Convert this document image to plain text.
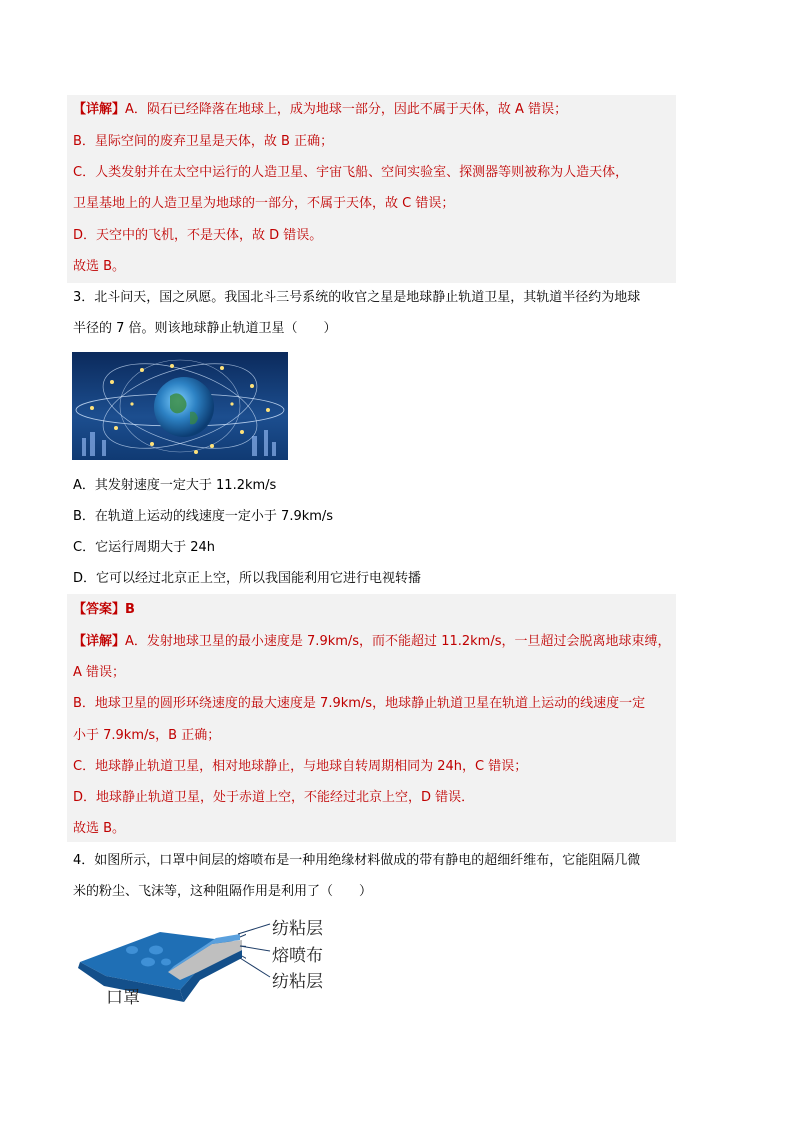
【详解】A．陨石已经降落在地球上，成为地球一部分，因此不属于天体，故 A 错误；
B．星际空间的废弃卫星是天体，故 B 正确；
C．人类发射并在太空中运行的人造卫星、宇宙飞船、空间实验室、探测器等则被称为人造天体，
卫星基地上的人造卫星为地球的一部分，不属于天体，故 C 错误；
D．天空中的飞机，不是天体，故 D 错误。
故选 B。
3．北斗问天，国之夙愿。我国北斗三号系统的收官之星是地球静止轨道卫星，其轨道半径约为地球
半径的 7 倍。则该地球静止轨道卫星（　　）
A．其发射速度一定大于 11.2km/s
B．在轨道上运动的线速度一定小于 7.9km/s
C．它运行周期大于 24h
D．它可以经过北京正上空，所以我国能利用它进行电视转播
【答案】B
【详解】A．发射地球卫星的最小速度是 7.9km/s，而不能超过 11.2km/s，一旦超过会脱离地球束缚，
A 错误；
B．地球卫星的圆形环绕速度的最大速度是 7.9km/s，地球静止轨道卫星在轨道上运动的线速度一定
小于 7.9km/s，B 正确；
C．地球静止轨道卫星，相对地球静止，与地球自转周期相同为 24h，C 错误；
D．地球静止轨道卫星，处于赤道上空，不能经过北京上空，D 错误．
故选 B。
4．如图所示，口罩中间层的熔喷布是一种用绝缘材料做成的带有静电的超细纤维布，它能阻隔几微
米的粉尘、飞沫等，这种阻隔作用是利用了（　　）
纺粘层
熔喷布
纺粘层
口罩
